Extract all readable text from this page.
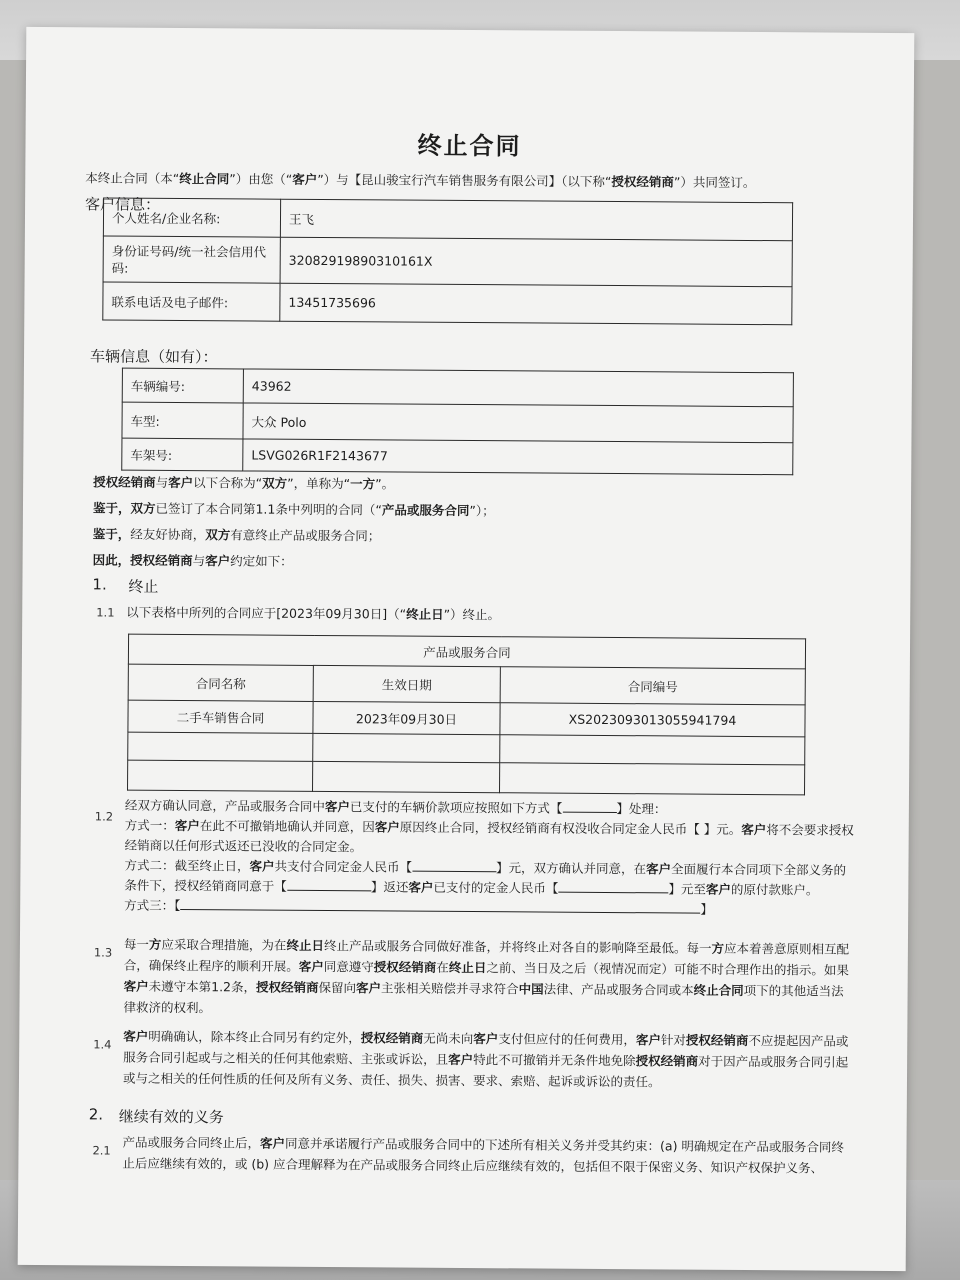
终止合同
本终止合同（本“终止合同”）由您（“客户”）与【昆山骏宝行汽车销售服务有限公司】（以下称“授权经销商”）共同签订。
客户信息：
个人姓名/企业名称:	王飞
身份证号码/统一社会信用代码:	32082919890310161X
联系电话及电子邮件:	13451735696
车辆信息（如有）：
车辆编号:	43962
车型:	大众 Polo
车架号:	LSVG026R1F2143677
授权经销商与客户以下合称为“双方”，单称为“一方”。
鉴于，双方已签订了本合同第1.1条中列明的合同（“产品或服务合同”）；
鉴于，经友好协商，双方有意终止产品或服务合同；
因此，授权经销商与客户约定如下：
1. 终止
1.1 以下表格中所列的合同应于[2023年09月30日]（“终止日”）终止。
产品或服务合同		
合同名称	生效日期	合同编号
二手车销售合同	2023年09月30日	XS2023093013055941794

1.2
经双方确认同意，产品或服务合同中客户已支付的车辆价款项应按照如下方式【	】处理：
方式一：客户在此不可撤销地确认并同意，因客户原因终止合同，授权经销商有权没收合同定金人民币【 】元。客户将不会要求授权经销商以任何形式返还已没收的合同定金。
方式二：截至终止日，客户共支付合同定金人民币【	】元，双方确认并同意，在客户全面履行本合同项下全部义务的条件下，授权经销商同意于【	】返还客户已支付的定金人民币【	】元至客户的原付款账户。
方式三：【	】
1.3
每一方应采取合理措施，为在终止日终止产品或服务合同做好准备，并将终止对各自的影响降至最低。每一方应本着善意原则相互配合，确保终止程序的顺利开展。客户同意遵守授权经销商在终止日之前、当日及之后（视情况而定）可能不时合理作出的指示。如果客户未遵守本第1.2条，授权经销商保留向客户主张相关赔偿并寻求符合中国法律、产品或服务合同或本终止合同项下的其他适当法律救济的权利。
1.4
客户明确确认，除本终止合同另有约定外，授权经销商无尚未向客户支付但应付的任何费用，客户针对授权经销商不应提起因产品或服务合同引起或与之相关的任何其他索赔、主张或诉讼，且客户特此不可撤销并无条件地免除授权经销商对于因产品或服务合同引起或与之相关的任何性质的任何及所有义务、责任、损失、损害、要求、索赔、起诉或诉讼的责任。
2. 继续有效的义务
2.1 产品或服务合同终止后，客户同意并承诺履行产品或服务合同中的下述所有相关义务并受其约束：(a) 明确规定在产品或服务合同终止后应继续有效的，或 (b) 应合理解释为在产品或服务合同终止后应继续有效的，包括但不限于保密义务、知识产权保护义务、
